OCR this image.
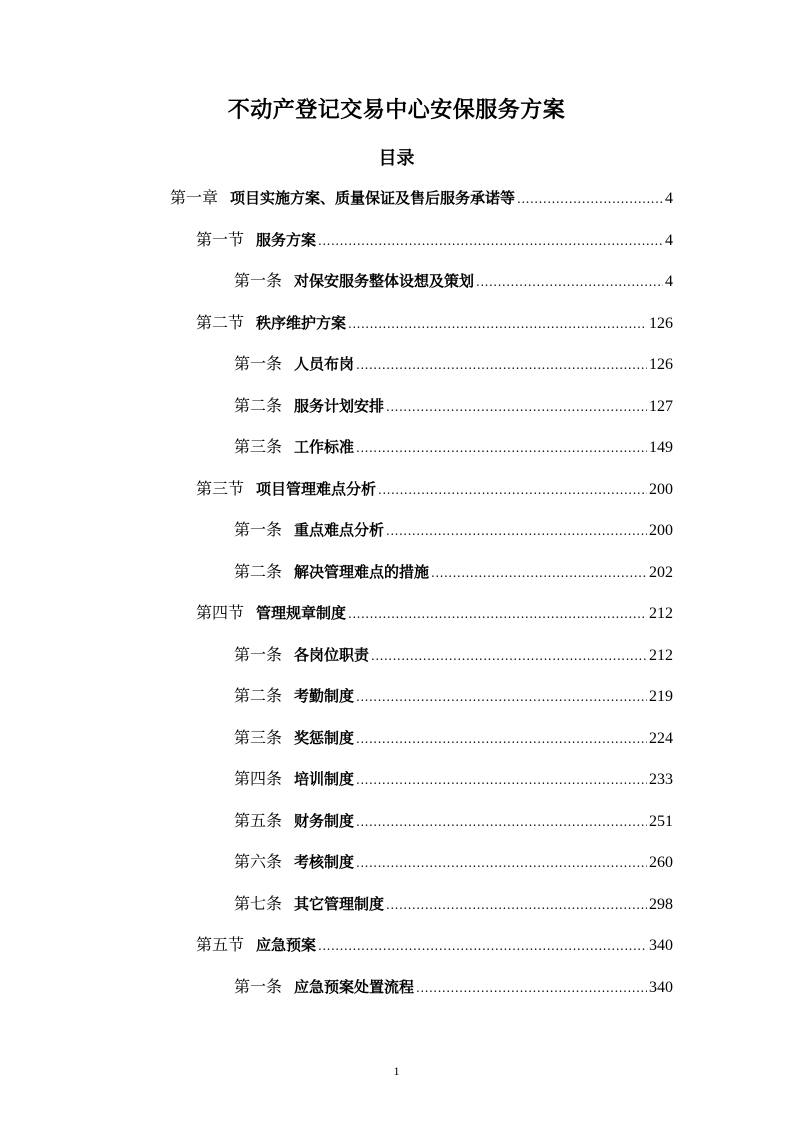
不动产登记交易中心安保服务方案
目录
第一章 项目实施方案、质量保证及售后服务承诺等 .....	4
第一节 服务方案 .....	4
第一条 对保安服务整体设想及策划 .....	4
第二节 秩序维护方案 .....	126
第一条 人员布岗 .....	126
第二条 服务计划安排 .....	127
第三条 工作标准 .....	149
第三节 项目管理难点分析 .....	200
第一条 重点难点分析 .....	200
第二条 解决管理难点的措施 .....	202
第四节 管理规章制度 .....	212
第一条 各岗位职责 .....	212
第二条 考勤制度 .....	219
第三条 奖惩制度 .....	224
第四条 培训制度 .....	233
第五条 财务制度 .....	251
第六条 考核制度 .....	260
第七条 其它管理制度 .....	298
第五节 应急预案 .....	340
第一条 应急预案处置流程 .....	340
1
